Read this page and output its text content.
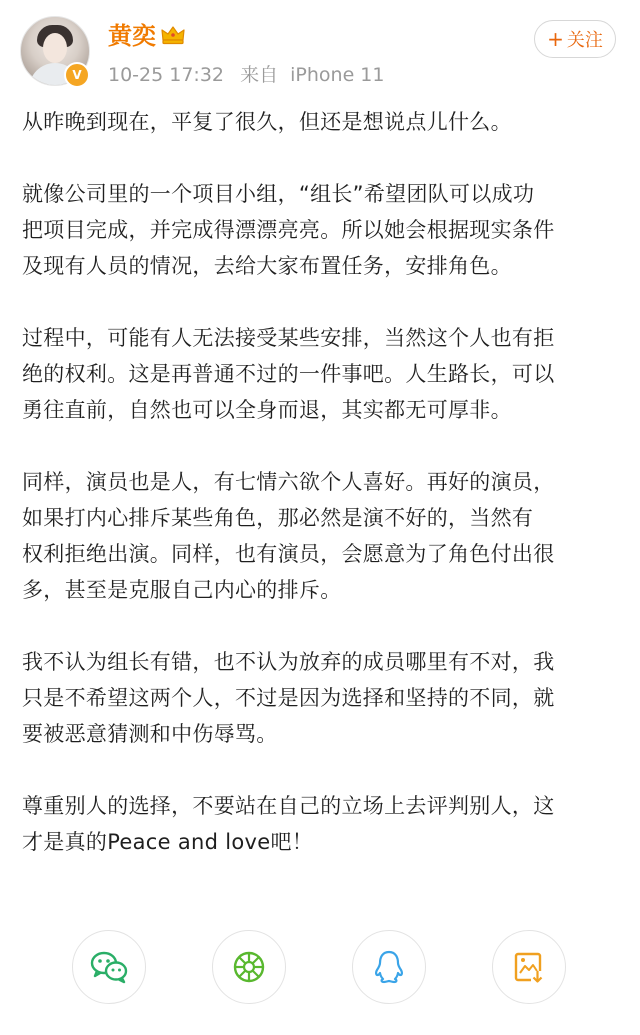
V
黄奕
10-25 17:32 来自 iPhone 11
+ 关注

从昨晚到现在，平复了很久，但还是想说点儿什么。

就像公司里的一个项目小组，“组长”希望团队可以成功
把项目完成，并完成得漂漂亮亮。所以她会根据现实条件
及现有人员的情况，去给大家布置任务，安排角色。

过程中，可能有人无法接受某些安排，当然这个人也有拒
绝的权利。这是再普通不过的一件事吧。人生路长，可以
勇往直前，自然也可以全身而退，其实都无可厚非。

同样，演员也是人，有七情六欲个人喜好。再好的演员，
如果打内心排斥某些角色，那必然是演不好的，当然有
权利拒绝出演。同样，也有演员，会愿意为了角色付出很
多，甚至是克服自己内心的排斥。

我不认为组长有错，也不认为放弃的成员哪里有不对，我
只是不希望这两个人，不过是因为选择和坚持的不同，就
要被恶意猜测和中伤辱骂。

尊重别人的选择，不要站在自己的立场上去评判别人，这
才是真的Peace and love吧！
